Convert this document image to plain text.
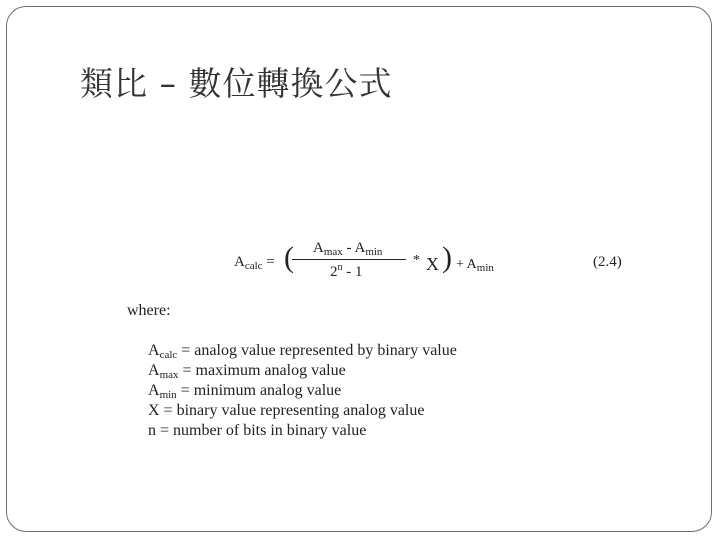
類比 – 數位轉換公式
$A_{calc}$ = ( $A_{max} - A_{min}$
2$^n$ - 1
* X ) + $A_{min}$	(2.4)
where:
$A_{calc} = analog$ value represented by binary value
$A_{max}$ = maximum analog value
$A_{min}$ = minimum analog value
X = binary value representing analog value
n = number of bits in binary value
